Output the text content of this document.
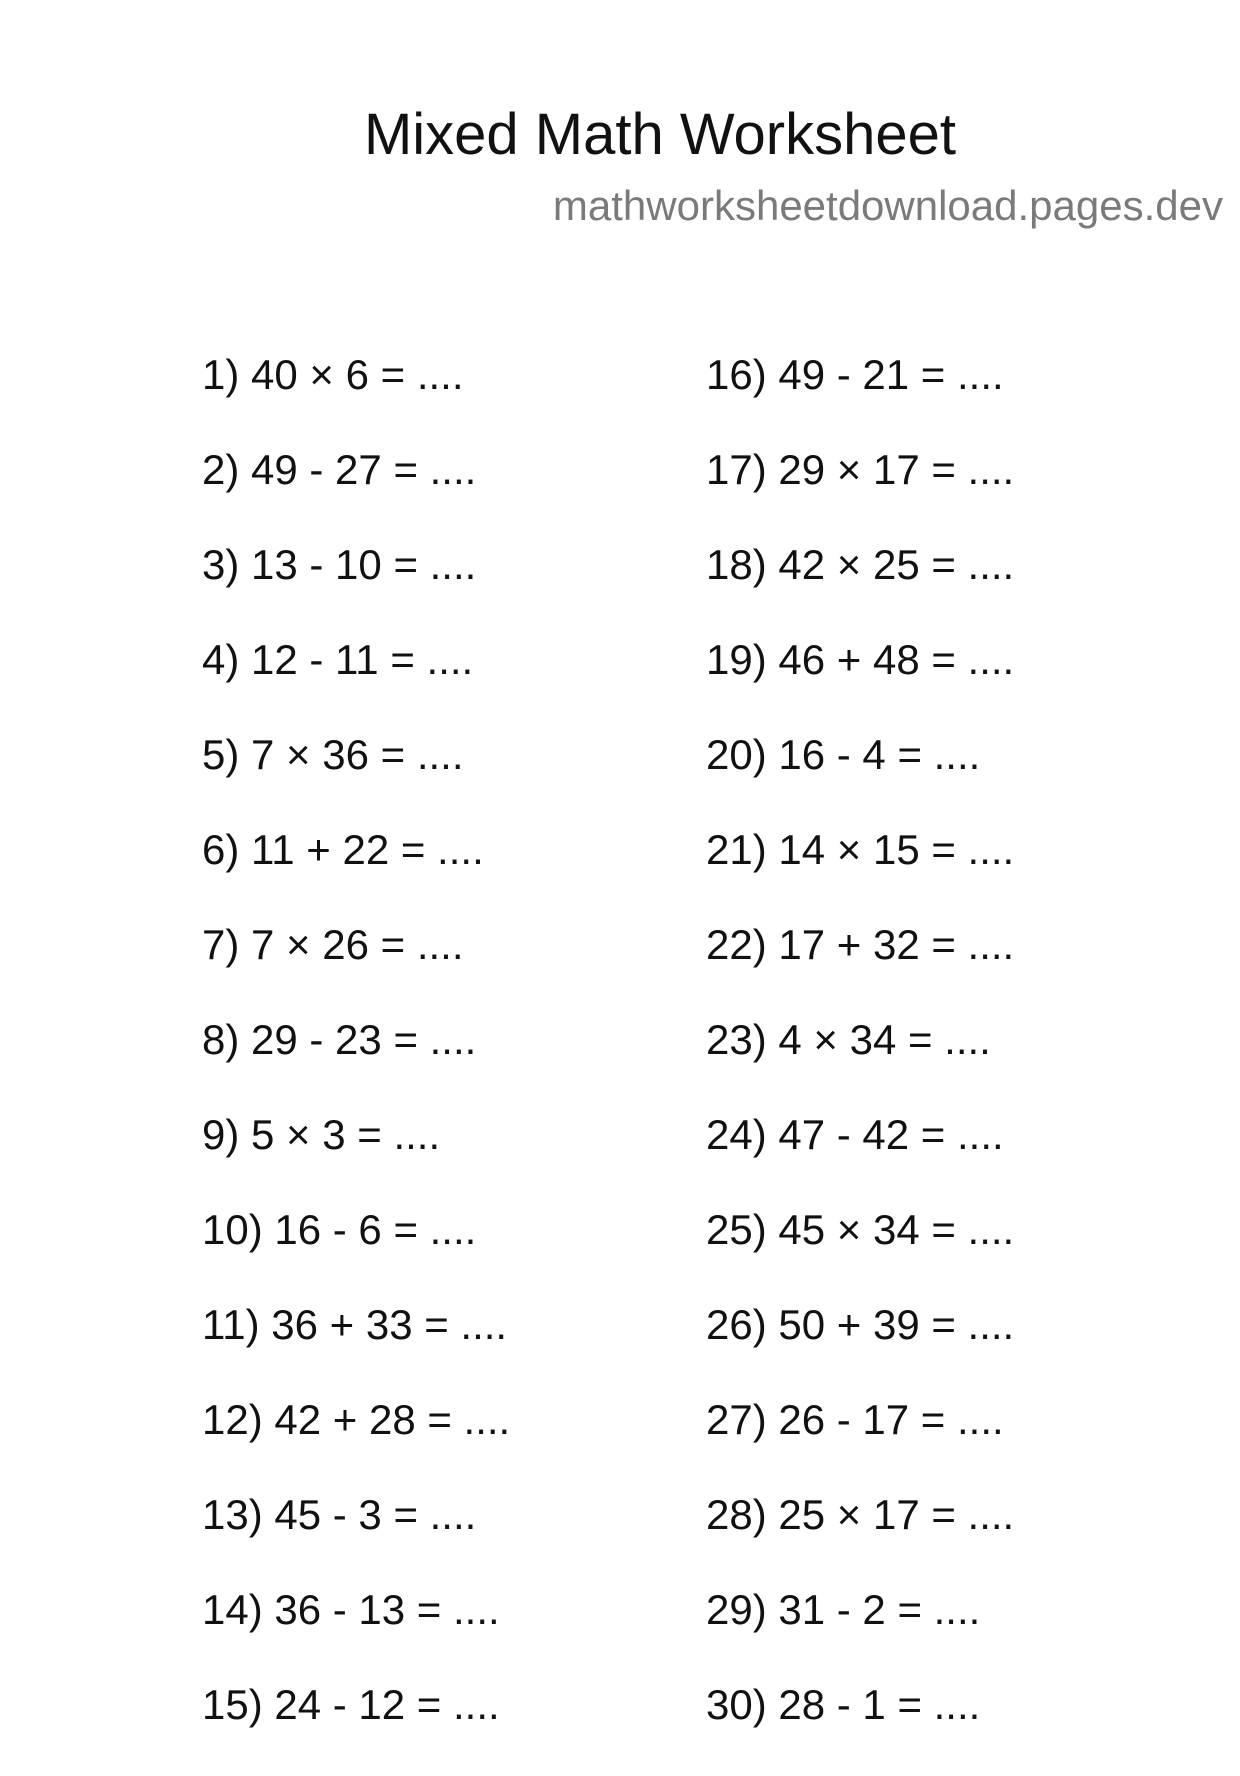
Mixed Math Worksheet
mathworksheetdownload.pages.dev
1) 40 × 6 = ....
2) 49 - 27 = ....
3) 13 - 10 = ....
4) 12 - 11 = ....
5) 7 × 36 = ....
6) 11 + 22 = ....
7) 7 × 26 = ....
8) 29 - 23 = ....
9) 5 × 3 = ....
10) 16 - 6 = ....
11) 36 + 33 = ....
12) 42 + 28 = ....
13) 45 - 3 = ....
14) 36 - 13 = ....
15) 24 - 12 = ....
16) 49 - 21 = ....
17) 29 × 17 = ....
18) 42 × 25 = ....
19) 46 + 48 = ....
20) 16 - 4 = ....
21) 14 × 15 = ....
22) 17 + 32 = ....
23) 4 × 34 = ....
24) 47 - 42 = ....
25) 45 × 34 = ....
26) 50 + 39 = ....
27) 26 - 17 = ....
28) 25 × 17 = ....
29) 31 - 2 = ....
30) 28 - 1 = ....
